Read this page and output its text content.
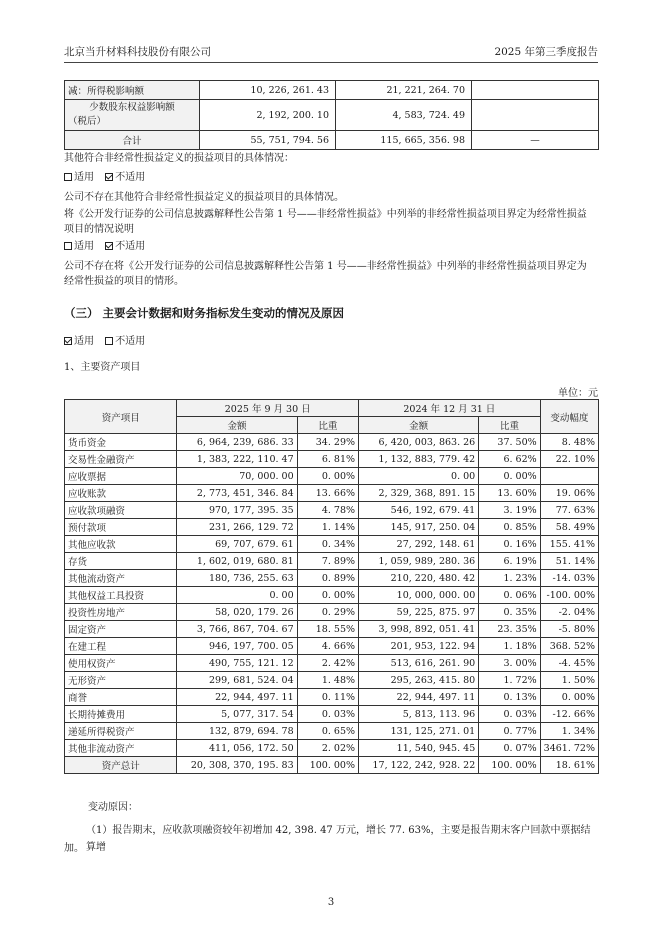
北京当升材料科技股份有限公司	2025 年第三季度报告
减：所得税影响额	10, 226, 261. 43	21, 221, 264. 70	

少数股东权益影响额
（税后）	2, 192, 200. 10	4, 583, 724. 49	
合计	55, 751, 794. 56	115, 665, 356. 98	—
其他符合非经常性损益定义的损益项目的具体情况：
适用 不适用
公司不存在其他符合非经常性损益定义的损益项目的具体情况。
将《公开发行证券的公司信息披露解释性公告第 1 号——非经常性损益》中列举的非经常性损益项目界定为经常性损益
项目的情况说明
适用 不适用
公司不存在将《公开发行证券的公司信息披露解释性公告第 1 号——非经常性损益》中列举的非经常性损益项目界定为
经常性损益的项目的情形。
（三） 主要会计数据和财务指标发生变动的情况及原因
适用 不适用
1、主要资产项目
单位：元
资产项目	2025 年 9 月 30 日		2024 年 12 月 31 日		变动幅度
	金额	比重	金额	比重	
货币资金	6, 964, 239, 686. 33	34. 29%	6, 420, 003, 863. 26	37. 50%	8. 48%
交易性金融资产	1, 383, 222, 110. 47	6. 81%	1, 132, 883, 779. 42	6. 62%	22. 10%
应收票据	70, 000. 00	0. 00%	0. 00	0. 00%	
应收账款	2, 773, 451, 346. 84	13. 66%	2, 329, 368, 891. 15	13. 60%	19. 06%
应收款项融资	970, 177, 395. 35	4. 78%	546, 192, 679. 41	3. 19%	77. 63%
预付款项	231, 266, 129. 72	1. 14%	145, 917, 250. 04	0. 85%	58. 49%
其他应收款	69, 707, 679. 61	0. 34%	27, 292, 148. 61	0. 16%	155. 41%
存货	1, 602, 019, 680. 81	7. 89%	1, 059, 989, 280. 36	6. 19%	51. 14%
其他流动资产	180, 736, 255. 63	0. 89%	210, 220, 480. 42	1. 23%	-14. 03%
其他权益工具投资	0. 00	0. 00%	10, 000, 000. 00	0. 06%	-100. 00%
投资性房地产	58, 020, 179. 26	0. 29%	59, 225, 875. 97	0. 35%	-2. 04%
固定资产	3, 766, 867, 704. 67	18. 55%	3, 998, 892, 051. 41	23. 35%	-5. 80%
在建工程	946, 197, 700. 05	4. 66%	201, 953, 122. 94	1. 18%	368. 52%
使用权资产	490, 755, 121. 12	2. 42%	513, 616, 261. 90	3. 00%	-4. 45%
无形资产	299, 681, 524. 04	1. 48%	295, 263, 415. 80	1. 72%	1. 50%
商誉	22, 944, 497. 11	0. 11%	22, 944, 497. 11	0. 13%	0. 00%
长期待摊费用	5, 077, 317. 54	0. 03%	5, 813, 113. 96	0. 03%	-12. 66%
递延所得税资产	132, 879, 694. 78	0. 65%	131, 125, 271. 01	0. 77%	1. 34%
其他非流动资产	411, 056, 172. 50	2. 02%	11, 540, 945. 45	0. 07%	3461. 72%
资产总计	20, 308, 370, 195. 83	100. 00%	17, 122, 242, 928. 22	100. 00%	18. 61%
变动原因：
（1）报告期末，应收款项融资较年初增加 42, 398. 47 万元，增长 77. 63%，主要是报告期末客户回款中票据结算增
加。
3
